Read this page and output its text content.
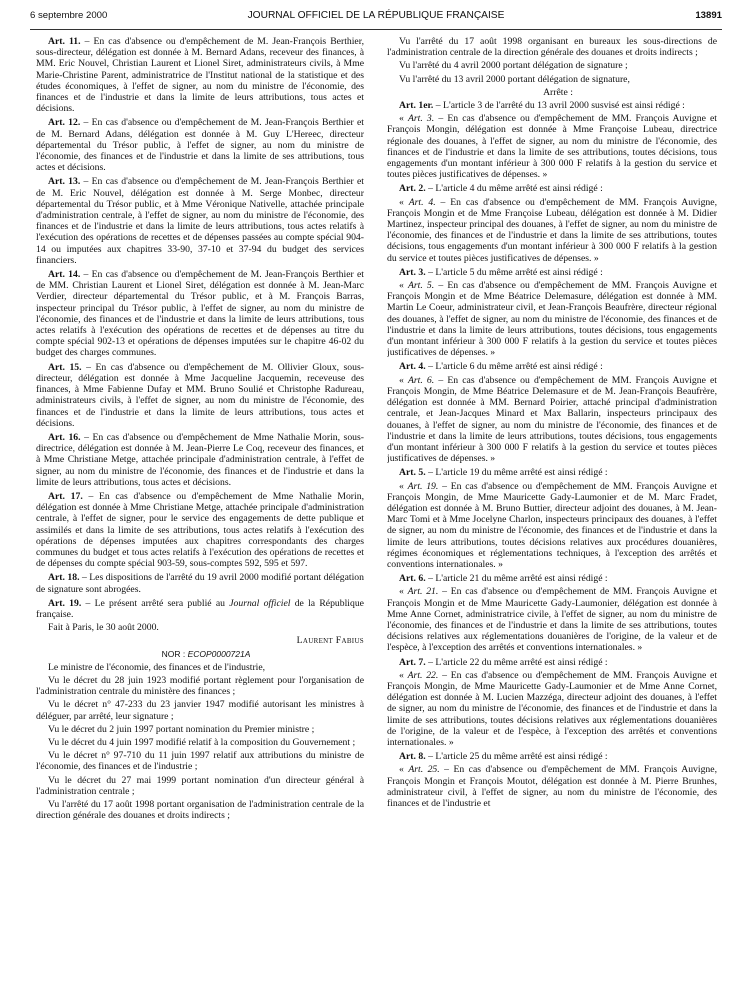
6 septembre 2000	JOURNAL OFFICIEL DE LA RÉPUBLIQUE FRANÇAISE	13891

Art. 11. – En cas d'absence ou d'empêchement de M. Jean-François Berthier, sous-directeur, délégation est donnée à M. Bernard Adans, receveur des finances, à MM. Eric Nouvel, Christian Laurent et Lionel Siret, administrateurs civils, à Mme Marie-Christine Parent, administratrice de l'Institut national de la statistique et des études économiques, à l'effet de signer, au nom du ministre de l'économie, des finances et de l'industrie et dans la limite de leurs attributions, tous actes et décisions.

Art. 12. – En cas d'absence ou d'empêchement de M. Jean-François Berthier et de M. Bernard Adans, délégation est donnée à M. Guy L'Hereec, directeur départemental du Trésor public, à l'effet de signer, au nom du ministre de l'économie, des finances et de l'industrie et dans la limite de ses attributions, tous actes et décisions.

Art. 13. – En cas d'absence ou d'empêchement de M. Jean-François Berthier et de M. Eric Nouvel, délégation est donnée à M. Serge Monbec, directeur départemental du Trésor public, et à Mme Véronique Nativelle, attachée principale d'administration centrale, à l'effet de signer, au nom du ministre de l'économie, des finances et de l'industrie et dans la limite de leurs attributions, tous actes relatifs à l'exécution des opérations de recettes et de dépenses passées au compte spécial 904-14 ou imputées aux chapitres 33-90, 37-10 et 37-94 du budget des services financiers.

Art. 14. – En cas d'absence ou d'empêchement de M. Jean-François Berthier et de MM. Christian Laurent et Lionel Siret, délégation est donnée à M. Jean-Marc Verdier, directeur départemental du Trésor public, et à M. François Barras, inspecteur principal du Trésor public, à l'effet de signer, au nom du ministre de l'économie, des finances et de l'industrie et dans la limite de leurs attributions, tous actes relatifs à l'exécution des opérations de recettes et de dépenses au titre du compte spécial 902-13 et opérations de dépenses imputées sur le chapitre 46-02 du budget des charges communes.

Art. 15. – En cas d'absence ou d'empêchement de M. Ollivier Gloux, sous-directeur, délégation est donnée à Mme Jacqueline Jacquemin, receveuse des finances, à Mme Fabienne Dufay et MM. Bruno Soulié et Christophe Radureau, administrateurs civils, à l'effet de signer, au nom du ministre de l'économie, des finances et de l'industrie et dans la limite de leurs attributions, tous actes et décisions.

Art. 16. – En cas d'absence ou d'empêchement de Mme Nathalie Morin, sous-directrice, délégation est donnée à M. Jean-Pierre Le Coq, receveur des finances, et à Mme Christiane Metge, attachée principale d'administration centrale, à l'effet de signer, au nom du ministre de l'économie, des finances et de l'industrie et dans la limite de leurs attributions, tous actes et décisions.

Art. 17. – En cas d'absence ou d'empêchement de Mme Nathalie Morin, délégation est donnée à Mme Christiane Metge, attachée principale d'administration centrale, à l'effet de signer, pour le service des engagements de dette publique et assimilés et dans la limite de ses attributions, tous actes relatifs à l'exécution des opérations de dépenses imputées aux chapitres correspondants des charges communes du budget et tous actes relatifs à l'exécution des opérations de recettes et de dépenses du compte spécial 903-59, sous-comptes 592, 595 et 597.

Art. 18. – Les dispositions de l'arrêté du 19 avril 2000 modifié portant délégation de signature sont abrogées.

Art. 19. – Le présent arrêté sera publié au Journal officiel de la République française.

Fait à Paris, le 30 août 2000.

Laurent Fabius

NOR : ECOP0000721A

Le ministre de l'économie, des finances et de l'industrie,

Vu le décret du 28 juin 1923 modifié portant règlement pour l'organisation de l'administration centrale du ministère des finances ;

Vu le décret n° 47-233 du 23 janvier 1947 modifié autorisant les ministres à déléguer, par arrêté, leur signature ;

Vu le décret du 2 juin 1997 portant nomination du Premier ministre ;

Vu le décret du 4 juin 1997 modifié relatif à la composition du Gouvernement ;

Vu le décret n° 97-710 du 11 juin 1997 relatif aux attributions du ministre de l'économie, des finances et de l'industrie ;

Vu le décret du 27 mai 1999 portant nomination d'un directeur général à l'administration centrale ;

Vu l'arrêté du 17 août 1998 portant organisation de l'administration centrale de la direction générale des douanes et droits indirects ;

Vu l'arrêté du 17 août 1998 organisant en bureaux les sous-directions de l'administration centrale de la direction générale des douanes et droits indirects ;

Vu l'arrêté du 4 avril 2000 portant délégation de signature ;

Vu l'arrêté du 13 avril 2000 portant délégation de signature,

Arrête :

Art. 1er. – L'article 3 de l'arrêté du 13 avril 2000 susvisé est ainsi rédigé :

« Art. 3. – En cas d'absence ou d'empêchement de MM. François Auvigne et François Mongin, délégation est donnée à Mme Françoise Lubeau, directrice régionale des douanes, à l'effet de signer, au nom du ministre de l'économie, des finances et de l'industrie et dans la limite de ses attributions, toutes décisions, tous engagements d'un montant inférieur à 300 000 F relatifs à la gestion du service et toutes pièces justificatives de dépenses. »

Art. 2. – L'article 4 du même arrêté est ainsi rédigé :

« Art. 4. – En cas d'absence ou d'empêchement de MM. François Auvigne, François Mongin et de Mme Françoise Lubeau, délégation est donnée à M. Didier Martinez, inspecteur principal des douanes, à l'effet de signer, au nom du ministre de l'économie, des finances et de l'industrie et dans la limite de ses attributions, toutes décisions, tous engagements d'un montant inférieur à 300 000 F relatifs à la gestion du service et toutes pièces justificatives de dépenses. »

Art. 3. – L'article 5 du même arrêté est ainsi rédigé :

« Art. 5. – En cas d'absence ou d'empêchement de MM. François Auvigne et François Mongin et de Mme Béatrice Delemasure, délégation est donnée à MM. Martin Le Coeur, administrateur civil, et Jean-François Beaufrère, directeur régional des douanes, à l'effet de signer, au nom du ministre de l'économie, des finances et de l'industrie et dans la limite de leurs attributions, toutes décisions, tous engagements d'un montant inférieur à 300 000 F relatifs à la gestion du service et toutes pièces justificatives de dépenses. »

Art. 4. – L'article 6 du même arrêté est ainsi rédigé :

« Art. 6. – En cas d'absence ou d'empêchement de MM. François Auvigne et François Mongin, de Mme Béatrice Delemasure et de M. Jean-François Beaufrère, délégation est donnée à MM. Bernard Poirier, attaché principal d'administration centrale, et Jean-Jacques Minard et Max Ballarin, inspecteurs principaux des douanes, à l'effet de signer, au nom du ministre de l'économie, des finances et de l'industrie et dans la limite de leurs attributions, toutes décisions, tous engagements d'un montant inférieur à 300 000 F relatifs à la gestion du service et toutes pièces justificatives de dépenses. »

Art. 5. – L'article 19 du même arrêté est ainsi rédigé :

« Art. 19. – En cas d'absence ou d'empêchement de MM. François Auvigne et François Mongin, de Mme Mauricette Gady-Laumonier et de M. Marc Fradet, délégation est donnée à M. Bruno Buttier, directeur adjoint des douanes, à M. Jean-Marc Tomi et à Mme Jocelyne Charlon, inspecteurs principaux des douanes, à l'effet de signer, au nom du ministre de l'économie, des finances et de l'industrie et dans la limite de leurs attributions, toutes décisions relatives aux procédures douanières, régimes économiques et réglementations techniques, à l'exception des arrêtés et conventions internationales. »

Art. 6. – L'article 21 du même arrêté est ainsi rédigé :

« Art. 21. – En cas d'absence ou d'empêchement de MM. François Auvigne et François Mongin et de Mme Mauricette Gady-Laumonier, délégation est donnée à Mme Anne Cornet, administratrice civile, à l'effet de signer, au nom du ministre de l'économie, des finances et de l'industrie et dans la limite de ses attributions, toutes décisions relatives aux réglementations douanières de l'origine, de la valeur et de l'espèce, à l'exception des arrêtés et conventions internationales. »

Art. 7. – L'article 22 du même arrêté est ainsi rédigé :

« Art. 22. – En cas d'absence ou d'empêchement de MM. François Auvigne et François Mongin, de Mme Mauricette Gady-Laumonier et de Mme Anne Cornet, délégation est donnée à M. Lucien Mazzéga, directeur adjoint des douanes, à l'effet de signer, au nom du ministre de l'économie, des finances et de l'industrie et dans la limite de ses attributions, toutes décisions relatives aux réglementations douanières de l'origine, de la valeur et de l'espèce, à l'exception des arrêtés et conventions internationales. »

Art. 8. – L'article 25 du même arrêté est ainsi rédigé :

« Art. 25. – En cas d'absence ou d'empêchement de MM. François Auvigne, François Mongin et François Moutot, délégation est donnée à M. Pierre Brunhes, administrateur civil, à l'effet de signer, au nom du ministre de l'économie, des finances et de l'industrie et
